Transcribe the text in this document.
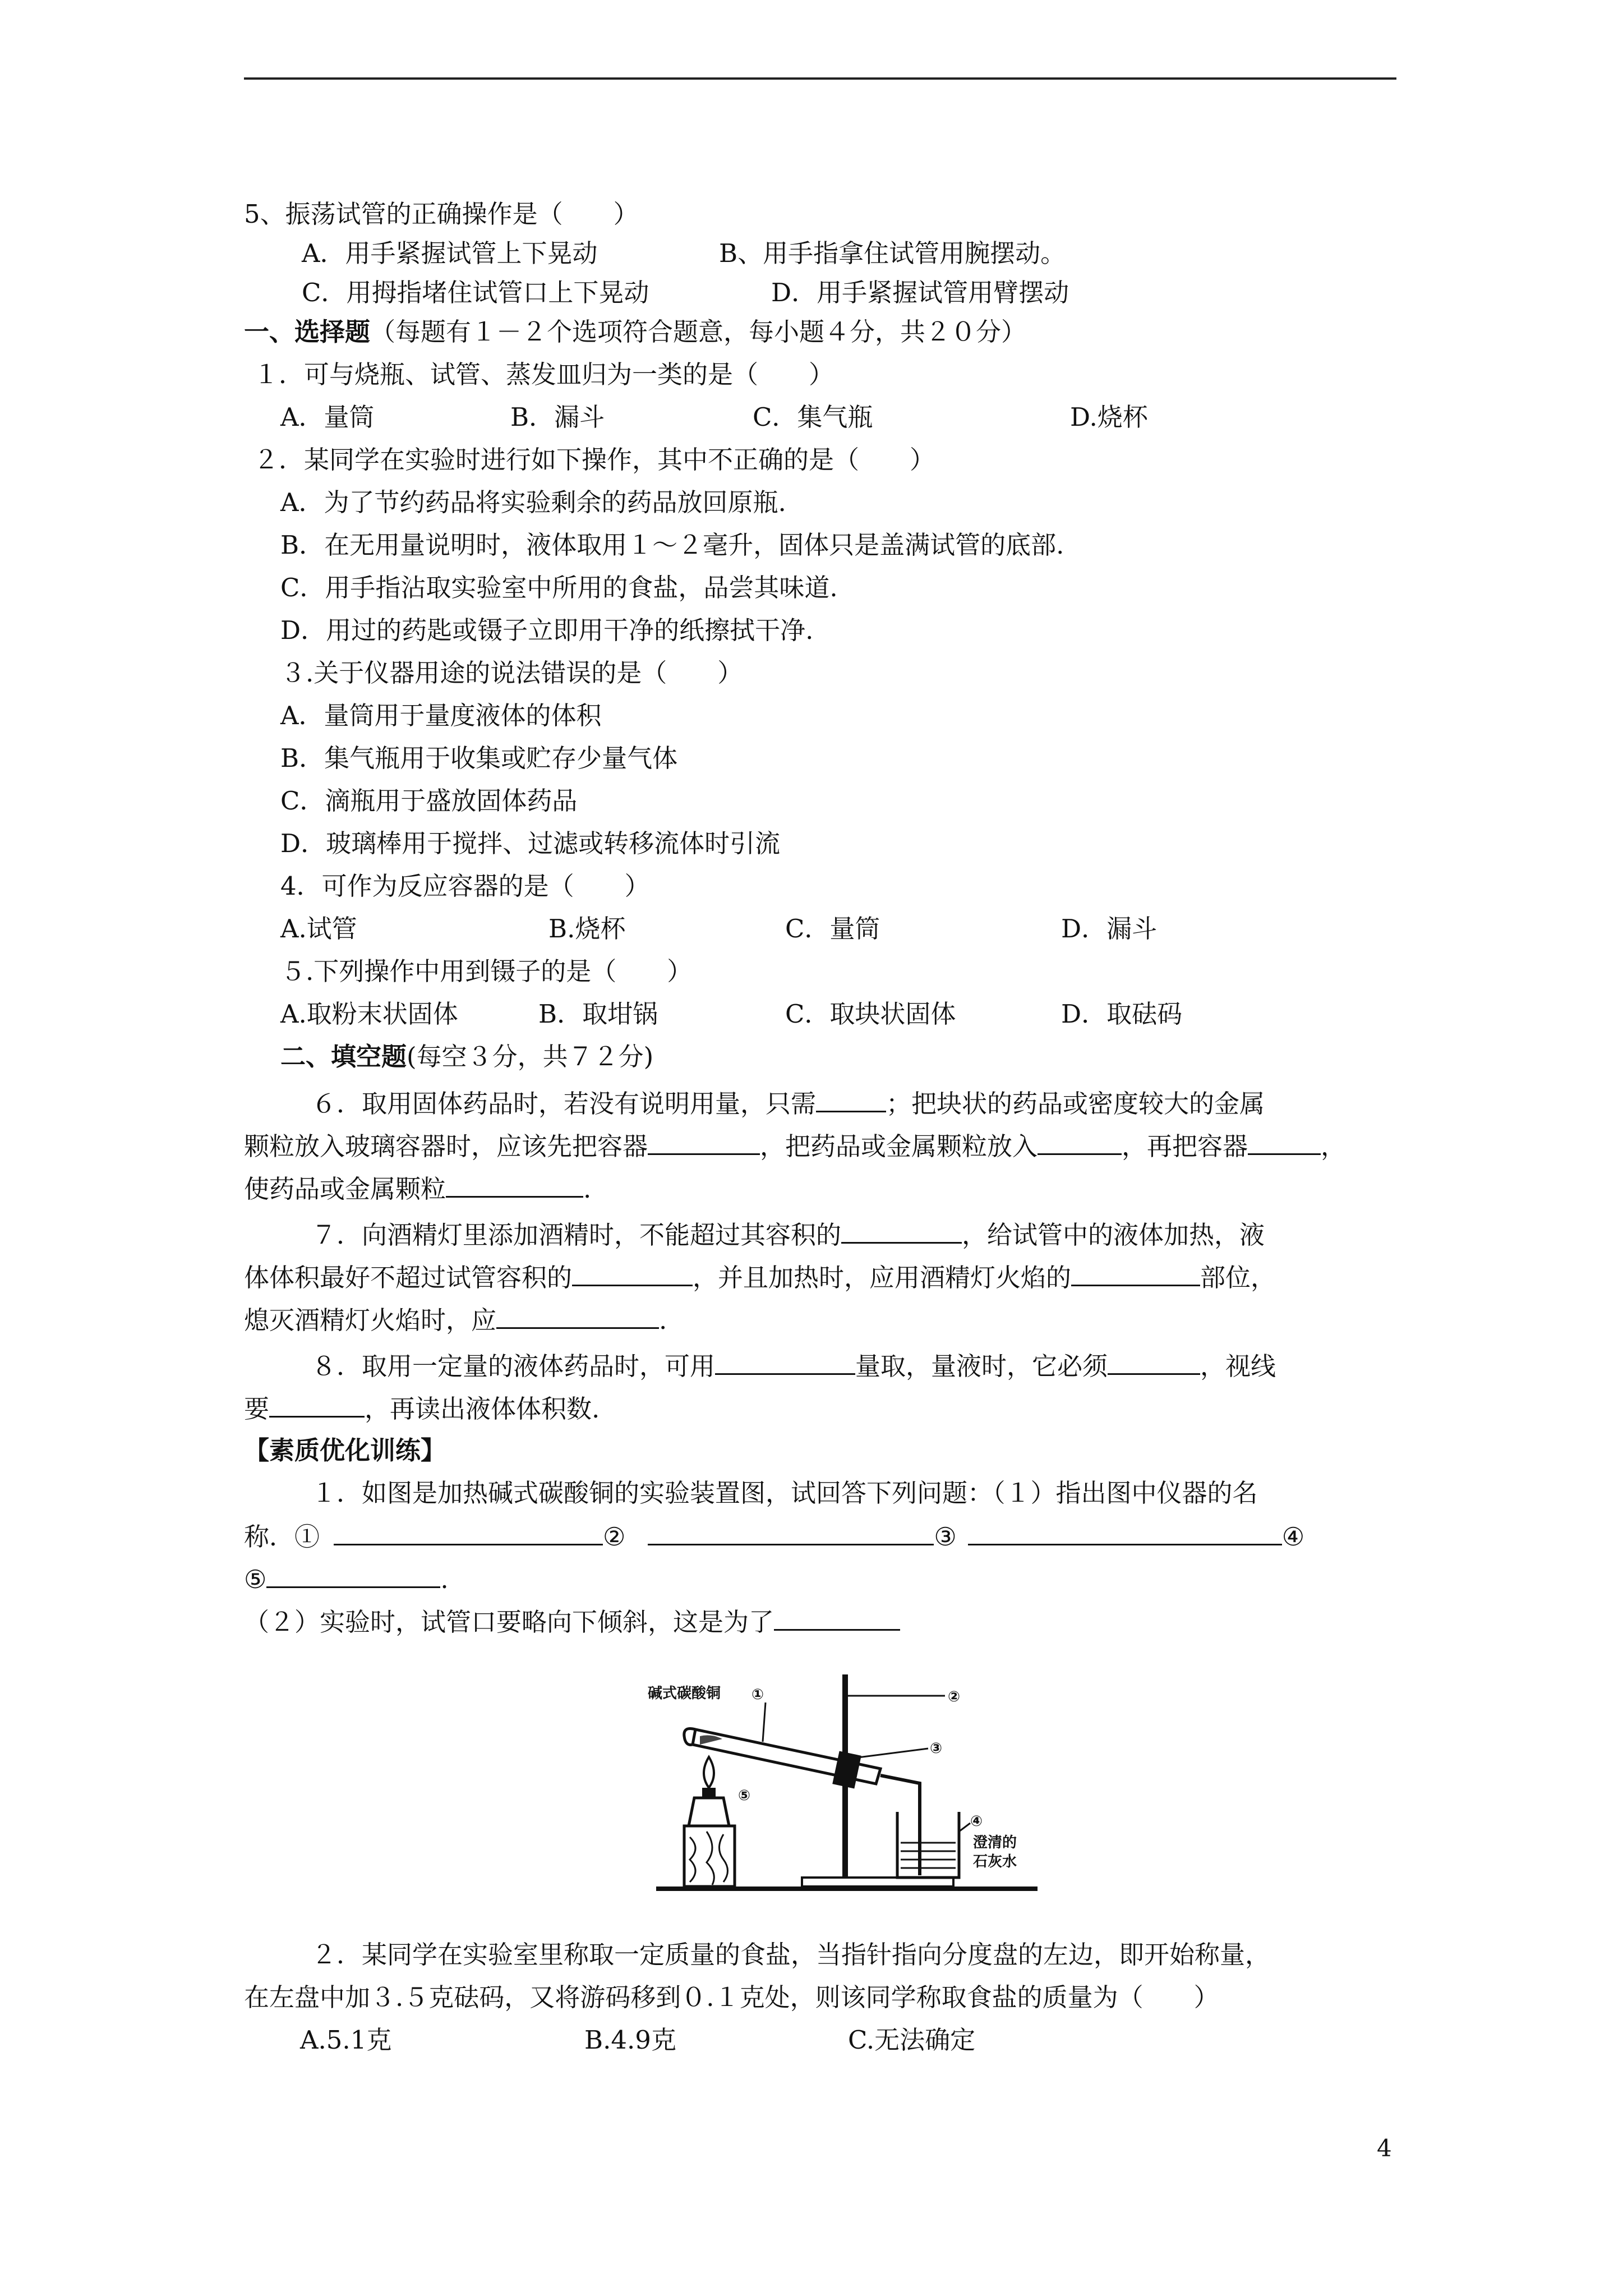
5、振荡试管的正确操作是（　　）
A．用手紧握试管上下晃动	B、用手指拿住试管用腕摆动。
C．用拇指堵住试管口上下晃动	D．用手紧握试管用臂摆动
一、选择题（每题有１－２个选项符合题意，每小题４分，共２０分）
１．可与烧瓶、试管、蒸发皿归为一类的是（　　）
A．量筒	B．漏斗	C．集气瓶	D.烧杯
２．某同学在实验时进行如下操作，其中不正确的是（　　）
A．为了节约药品将实验剩余的药品放回原瓶.
B．在无用量说明时，液体取用１～２毫升，固体只是盖满试管的底部.
C．用手指沾取实验室中所用的食盐，品尝其味道.
D．用过的药匙或镊子立即用干净的纸擦拭干净.
３.关于仪器用途的说法错误的是（　　）
A．量筒用于量度液体的体积
B．集气瓶用于收集或贮存少量气体
C．滴瓶用于盛放固体药品
D．玻璃棒用于搅拌、过滤或转移流体时引流
4．可作为反应容器的是（　　）
A.试管	B.烧杯	C．量筒	D．漏斗
５.下列操作中用到镊子的是（　　）
A.取粉末状固体	B．取坩锅	C．取块状固体	D．取砝码
二、填空题(每空３分，共７２分)
６．取用固体药品时，若没有说明用量，只需	；把块状的药品或密度较大的金属
颗粒放入玻璃容器时，应该先把容器	，把药品或金属颗粒放入	，再把容器	，
使药品或金属颗粒	.
７．向酒精灯里添加酒精时，不能超过其容积的	，给试管中的液体加热，液
体体积最好不超过试管容积的	，并且加热时，应用酒精灯火焰的	部位，
熄灭酒精灯火焰时，应	.
８．取用一定量的液体药品时，可用	量取，量液时，它必须	，视线
要	，再读出液体体积数.
【素质优化训练】
１．如图是加热碱式碳酸铜的实验装置图，试回答下列问题：（１）指出图中仪器的名
称．①	②	③	④
⑤	.
（２）实验时，试管口要略向下倾斜，这是为了
碱式碳酸铜 ①	②
③
⑤
④
澄清的
石灰水
２．某同学在实验室里称取一定质量的食盐，当指针指向分度盘的左边，即开始称量，
在左盘中加３.５克砝码，又将游码移到０.１克处，则该同学称取食盐的质量为（　　）
A.5.1克	B.4.9克	C.无法确定
4
